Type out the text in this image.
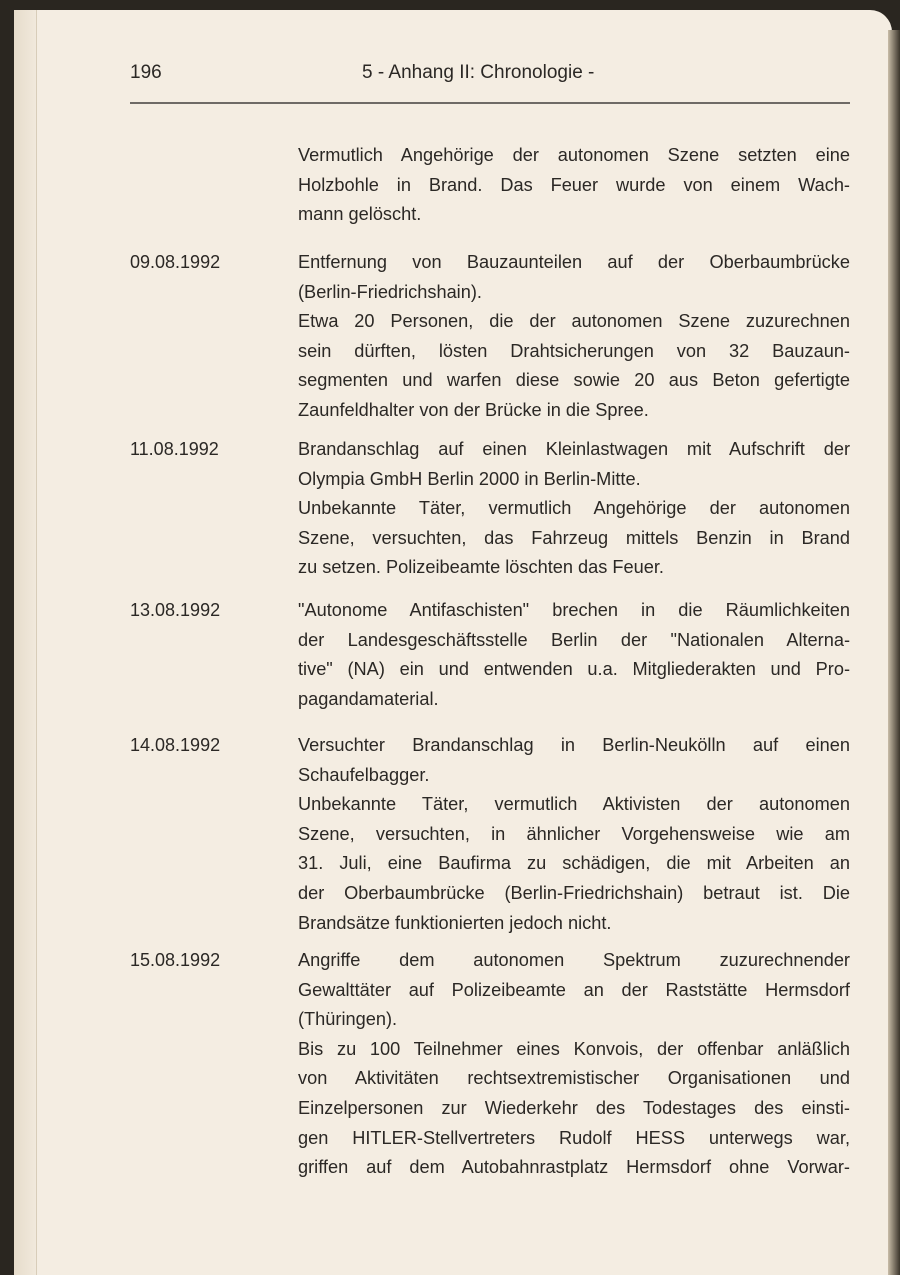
196	5 - Anhang II: Chronologie -
Vermutlich Angehörige der autonomen Szene setzten eine
Holzbohle in Brand. Das Feuer wurde von einem Wach-
mann gelöscht.
09.08.1992	Entfernung von Bauzaunteilen auf der Oberbaumbrücke
(Berlin-Friedrichshain).
Etwa 20 Personen, die der autonomen Szene zuzurechnen
sein dürften, lösten Drahtsicherungen von 32 Bauzaun-
segmenten und warfen diese sowie 20 aus Beton gefertigte
Zaunfeldhalter von der Brücke in die Spree.
11.08.1992	Brandanschlag auf einen Kleinlastwagen mit Aufschrift der
Olympia GmbH Berlin 2000 in Berlin-Mitte.
Unbekannte Täter, vermutlich Angehörige der autonomen
Szene, versuchten, das Fahrzeug mittels Benzin in Brand
zu setzen. Polizeibeamte löschten das Feuer.
13.08.1992	"Autonome Antifaschisten" brechen in die Räumlichkeiten
der Landesgeschäftsstelle Berlin der "Nationalen Alterna-
tive" (NA) ein und entwenden u.a. Mitgliederakten und Pro-
pagandamaterial.
14.08.1992	Versuchter Brandanschlag in Berlin-Neukölln auf einen
Schaufelbagger.
Unbekannte Täter, vermutlich Aktivisten der autonomen
Szene, versuchten, in ähnlicher Vorgehensweise wie am
31. Juli, eine Baufirma zu schädigen, die mit Arbeiten an
der Oberbaumbrücke (Berlin-Friedrichshain) betraut ist. Die
Brandsätze funktionierten jedoch nicht.
15.08.1992	Angriffe dem autonomen Spektrum zuzurechnender
Gewalttäter auf Polizeibeamte an der Raststätte Hermsdorf
(Thüringen).
Bis zu 100 Teilnehmer eines Konvois, der offenbar anläßlich
von Aktivitäten rechtsextremistischer Organisationen und
Einzelpersonen zur Wiederkehr des Todestages des einsti-
gen HITLER-Stellvertreters Rudolf HESS unterwegs war,
griffen auf dem Autobahnrastplatz Hermsdorf ohne Vorwar-
